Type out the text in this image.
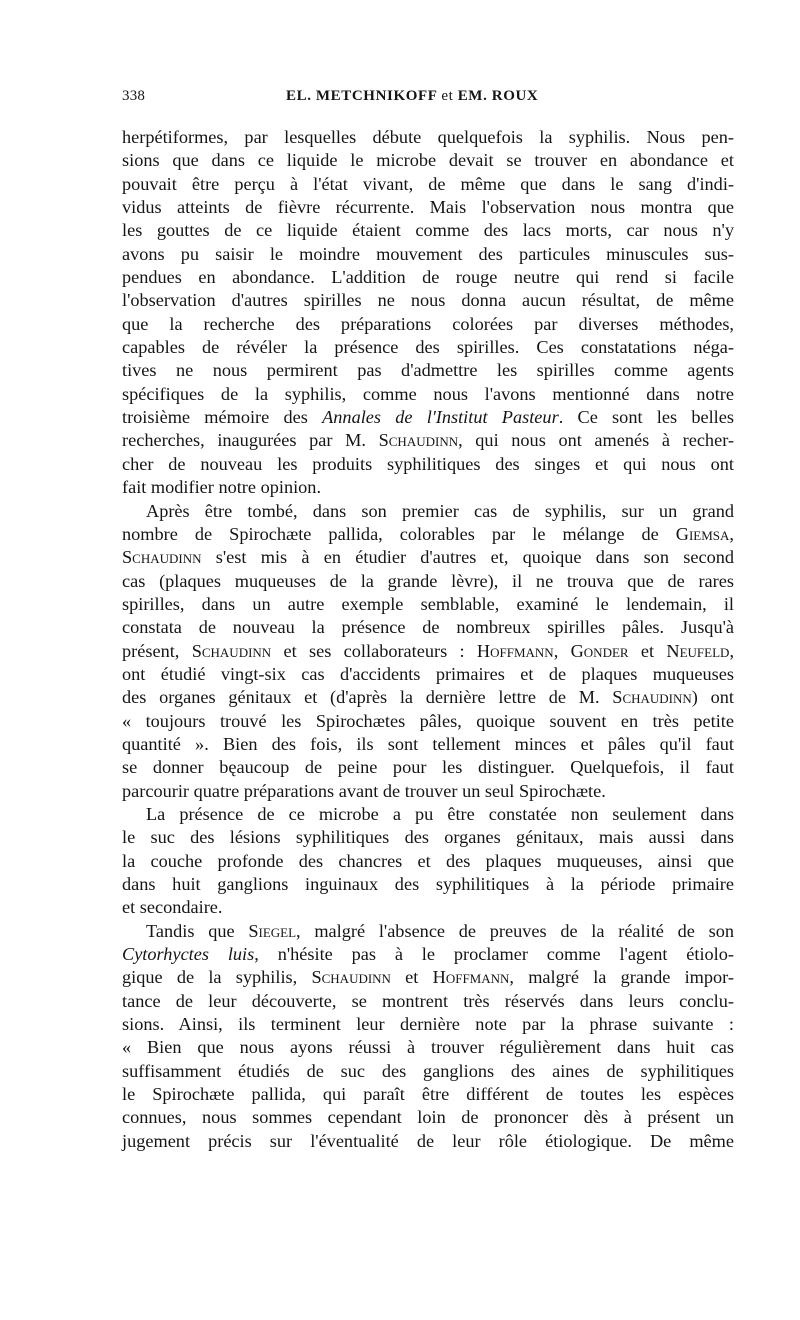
338	EL. METCHNIKOFF et EM. ROUX
herpétiformes, par lesquelles débute quelquefois la syphilis. Nous pen-
sions que dans ce liquide le microbe devait se trouver en abondance et
pouvait être perçu à l'état vivant, de même que dans le sang d'indi-
vidus atteints de fièvre récurrente. Mais l'observation nous montra que
les gouttes de ce liquide étaient comme des lacs morts, car nous n'y
avons pu saisir le moindre mouvement des particules minuscules sus-
pendues en abondance. L'addition de rouge neutre qui rend si facile
l'observation d'autres spirilles ne nous donna aucun résultat, de même
que la recherche des préparations colorées par diverses méthodes,
capables de révéler la présence des spirilles. Ces constatations néga-
tives ne nous permirent pas d'admettre les spirilles comme agents
spécifiques de la syphilis, comme nous l'avons mentionné dans notre
troisième mémoire des Annales de l'Institut Pasteur. Ce sont les belles
recherches, inaugurées par M. Schaudinn, qui nous ont amenés à recher-
cher de nouveau les produits syphilitiques des singes et qui nous ont
fait modifier notre opinion.
Après être tombé, dans son premier cas de syphilis, sur un grand
nombre de Spirochæte pallida, colorables par le mélange de Giemsa,
Schaudinn s'est mis à en étudier d'autres et, quoique dans son second
cas (plaques muqueuses de la grande lèvre), il ne trouva que de rares
spirilles, dans un autre exemple semblable, examiné le lendemain, il
constata de nouveau la présence de nombreux spirilles pâles. Jusqu'à
présent, Schaudinn et ses collaborateurs : Hoffmann, Gonder et Neufeld,
ont étudié vingt-six cas d'accidents primaires et de plaques muqueuses
des organes génitaux et (d'après la dernière lettre de M. Schaudinn) ont
« toujours trouvé les Spirochætes pâles, quoique souvent en très petite
quantité ». Bien des fois, ils sont tellement minces et pâles qu'il faut
se donner bęaucoup de peine pour les distinguer. Quelquefois, il faut
parcourir quatre préparations avant de trouver un seul Spirochæte.
La présence de ce microbe a pu être constatée non seulement dans
le suc des lésions syphilitiques des organes génitaux, mais aussi dans
la couche profonde des chancres et des plaques muqueuses, ainsi que
dans huit ganglions inguinaux des syphilitiques à la période primaire
et secondaire.
Tandis que Siegel, malgré l'absence de preuves de la réalité de son
Cytorhyctes luis, n'hésite pas à le proclamer comme l'agent étiolo-
gique de la syphilis, Schaudinn et Hoffmann, malgré la grande impor-
tance de leur découverte, se montrent très réservés dans leurs conclu-
sions. Ainsi, ils terminent leur dernière note par la phrase suivante :
« Bien que nous ayons réussi à trouver régulièrement dans huit cas
suffisamment étudiés de suc des ganglions des aines de syphilitiques
le Spirochæte pallida, qui paraît être différent de toutes les espèces
connues, nous sommes cependant loin de prononcer dès à présent un
jugement précis sur l'éventualité de leur rôle étiologique. De même
